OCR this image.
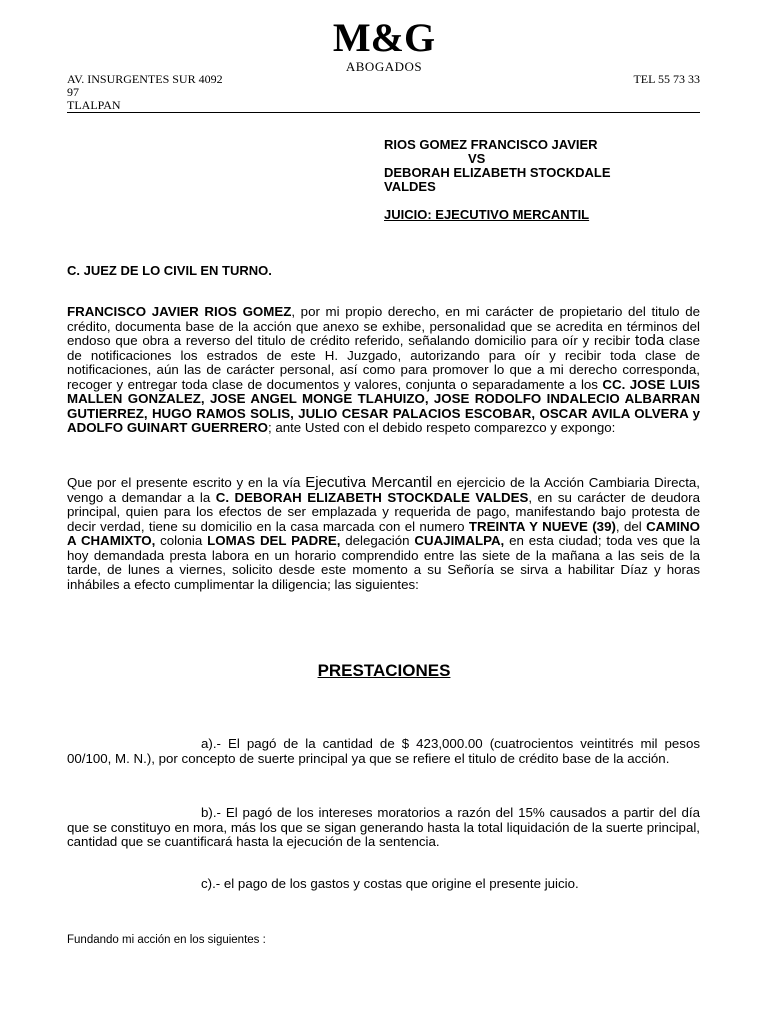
M&G
ABOGADOS
AV. INSURGENTES SUR 4092
97
TLALPAN
TEL 55 73 33
RIOS GOMEZ FRANCISCO JAVIER
VS
DEBORAH ELIZABETH STOCKDALE
VALDES
JUICIO: EJECUTIVO MERCANTIL
C. JUEZ DE LO CIVIL EN TURNO.
FRANCISCO JAVIER RIOS GOMEZ, por mi propio derecho, en mi carácter de propietario del titulo de crédito, documenta base de la acción que anexo se exhibe, personalidad que se acredita en términos del endoso que obra a reverso del titulo de crédito referido, señalando domicilio para oír y recibir toda clase de notificaciones los estrados de este H. Juzgado, autorizando para oír y recibir toda clase de notificaciones, aún las de carácter personal, así como para promover lo que a mi derecho corresponda, recoger y entregar toda clase de documentos y valores, conjunta o separadamente a los CC. JOSE LUIS MALLEN GONZALEZ, JOSE ANGEL MONGE TLAHUIZO, JOSE RODOLFO INDALECIO ALBARRAN GUTIERREZ, HUGO RAMOS SOLIS, JULIO CESAR PALACIOS ESCOBAR, OSCAR AVILA OLVERA y ADOLFO GUINART GUERRERO; ante Usted con el debido respeto comparezco y expongo:
Que por el presente escrito y en la vía Ejecutiva Mercantil en ejercicio de la Acción Cambiaria Directa, vengo a demandar a la C. DEBORAH ELIZABETH STOCKDALE VALDES, en su carácter de deudora principal, quien para los efectos de ser emplazada y requerida de pago, manifestando bajo protesta de decir verdad, tiene su domicilio en la casa marcada con el numero TREINTA Y NUEVE (39), del CAMINO A CHAMIXTO, colonia LOMAS DEL PADRE, delegación CUAJIMALPA, en esta ciudad; toda ves que la hoy demandada presta labora en un horario comprendido entre las siete de la mañana a las seis de la tarde, de lunes a viernes, solicito desde este momento a su Señoría se sirva a habilitar Díaz y horas inhábiles a efecto cumplimentar la diligencia; las siguientes:
PRESTACIONES
a).- El pagó de la cantidad de $ 423,000.00 (cuatrocientos veintitrés mil pesos 00/100, M. N.), por concepto de suerte principal ya que se refiere el titulo de crédito base de la acción.
b).- El pagó de los intereses moratorios a razón del 15% causados a partir del día que se constituyo en mora, más los que se sigan generando hasta la total liquidación de la suerte principal, cantidad que se cuantificará hasta la ejecución de la sentencia.
c).- el pago de los gastos y costas que origine el presente juicio.
Fundando mi acción en los siguientes :
